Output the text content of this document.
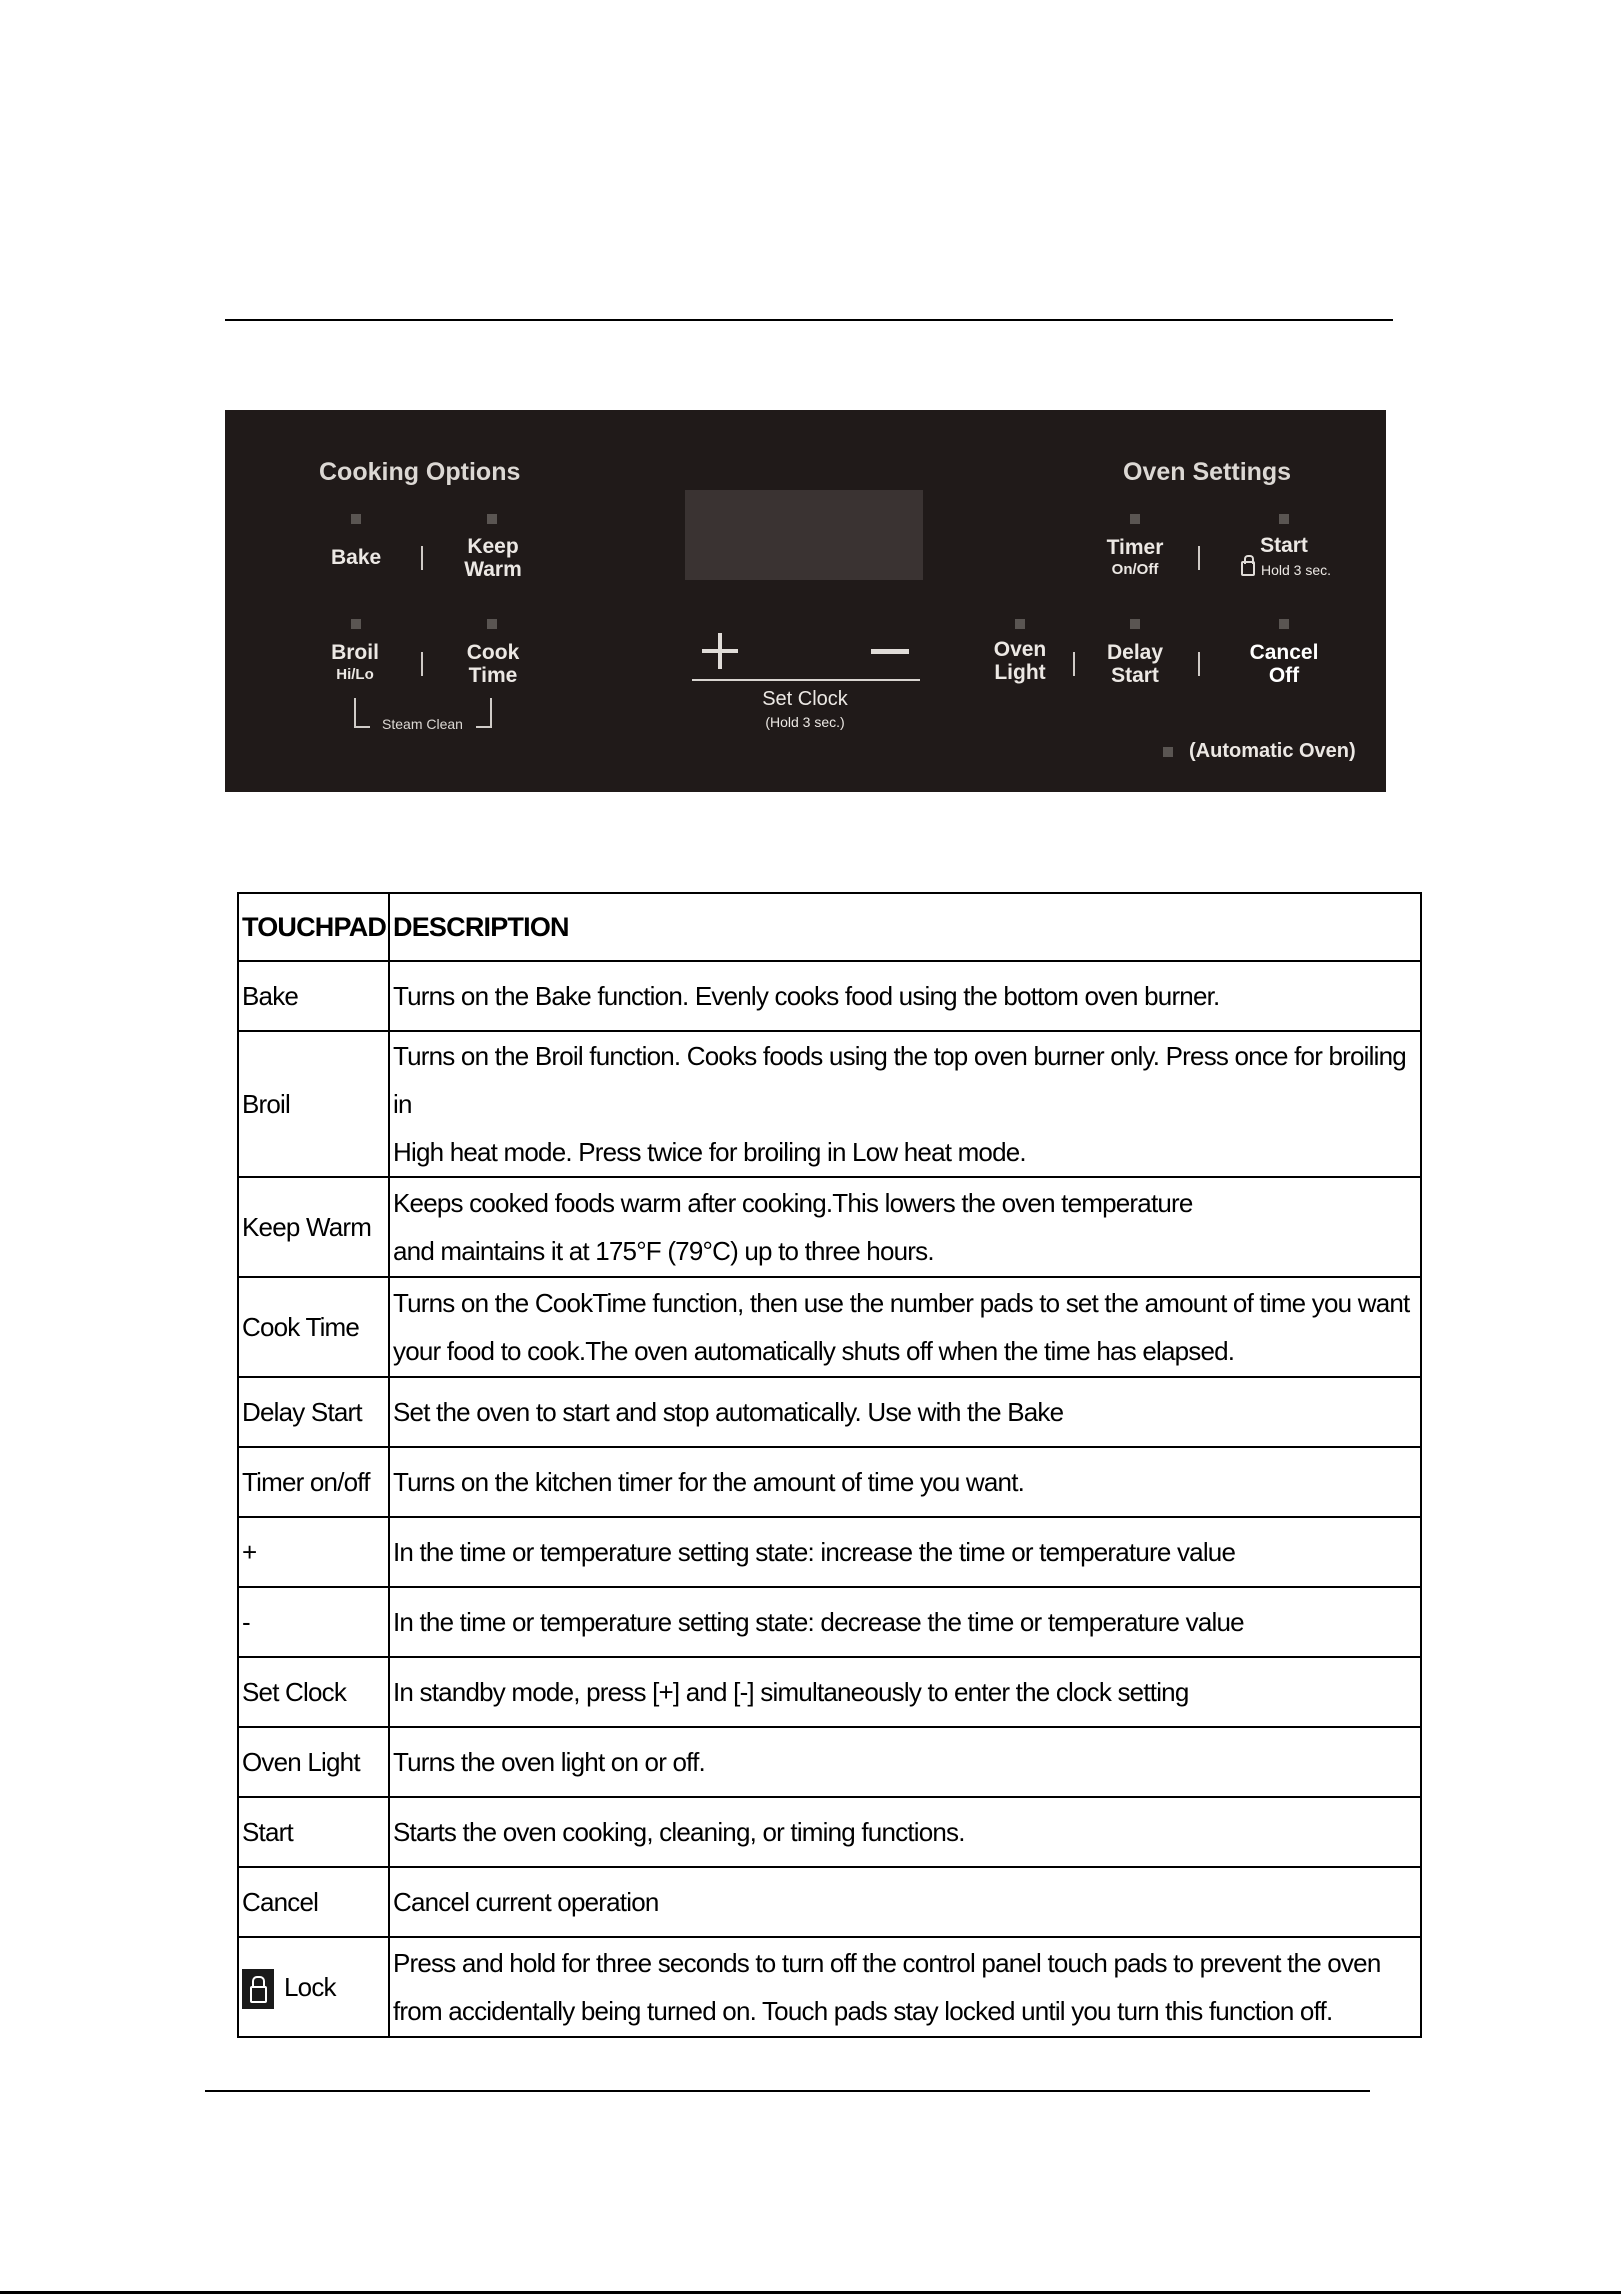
Cooking Options	Oven Settings
Bake	Keep
Warm
Broil
Hi/Lo
Cook
Time
Steam Clean
Set Clock
(Hold 3 sec.)
Timer
On/Off
Start
Hold 3 sec.
Oven
Light
Delay
Start
Cancel
Off
(Automatic Oven)
TOUCHPAD	DESCRIPTION
Bake	Turns on the Bake function. Evenly cooks food using the bottom oven burner.
Broil	Turns on the Broil function. Cooks foods using the top oven burner only. Press once for broiling in
High heat mode. Press twice for broiling in Low heat mode.

Keep Warm	Keeps cooked foods warm after cooking.This lowers the oven temperature
and maintains it at 175°F (79°C) up to three hours.

Cook Time	Turns on the CookTime function, then use the number pads to set the amount of time you want
your food to cook.The oven automatically shuts off when the time has elapsed.

Delay Start	Set the oven to start and stop automatically. Use with the Bake
Timer on/off	Turns on the kitchen timer for the amount of time you want.
+	In the time or temperature setting state: increase the time or temperature value
-	In the time or temperature setting state: decrease the time or temperature value
Set Clock	In standby mode, press [+] and [-] simultaneously to enter the clock setting
Oven Light	Turns the oven light on or off.
Start	Starts the oven cooking, cleaning, or timing functions.
Cancel	Cancel current operation
Lock	Press and hold for three seconds to turn off the control panel touch pads to prevent the oven
from accidentally being turned on. Touch pads stay locked until you turn this function off.
